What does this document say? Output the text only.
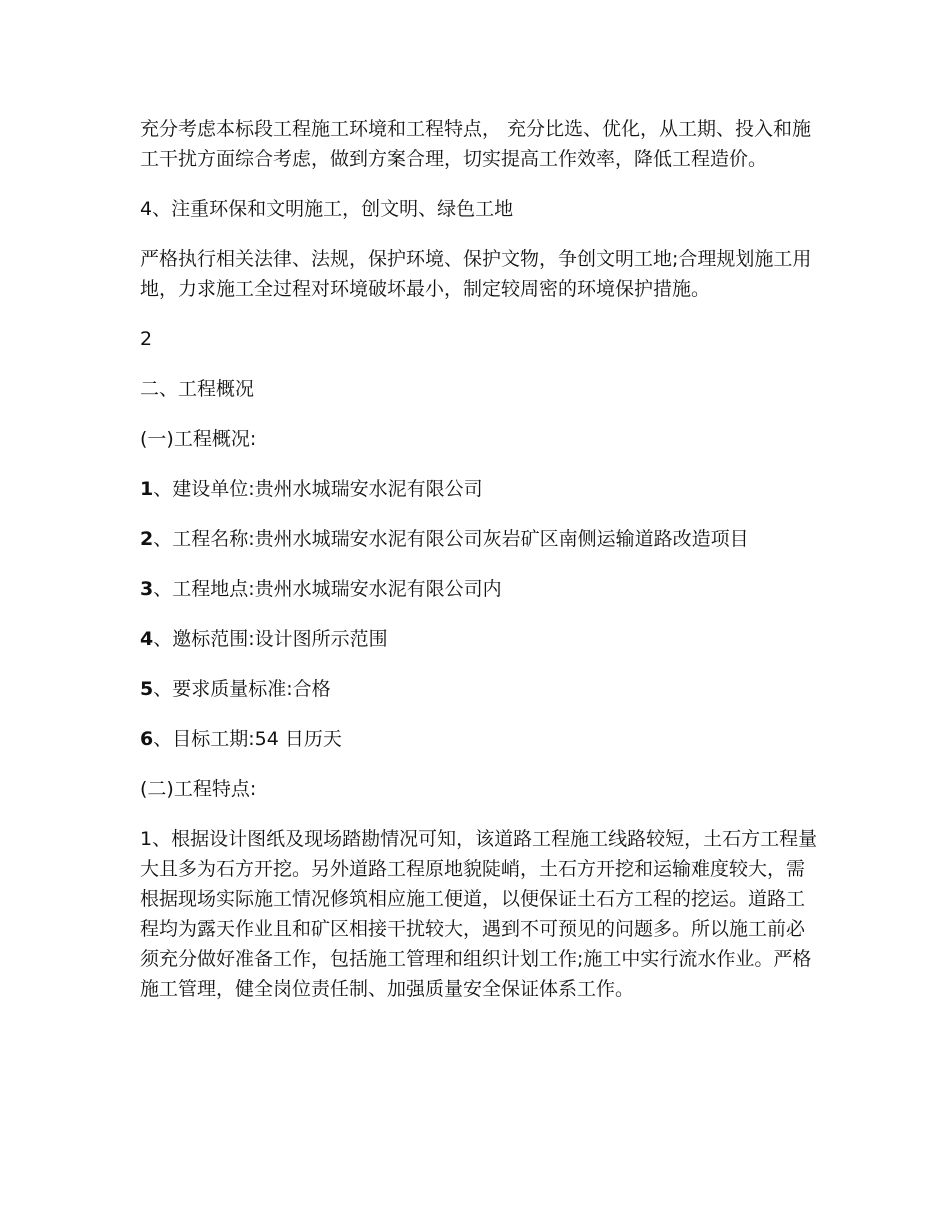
充分考虑本标段工程施工环境和工程特点， 充分比选、优化，从工期、投入和施工干扰方面综合考虑，做到方案合理，切实提高工作效率，降低工程造价。

4、注重环保和文明施工，创文明、绿色工地

严格执行相关法律、法规，保护环境、保护文物，争创文明工地;合理规划施工用地，力求施工全过程对环境破坏最小，制定较周密的环境保护措施。

2

二、工程概况

(一)工程概况:

1、建设单位:贵州水城瑞安水泥有限公司

2、工程名称:贵州水城瑞安水泥有限公司灰岩矿区南侧运输道路改造项目

3、工程地点:贵州水城瑞安水泥有限公司内

4、邀标范围:设计图所示范围

5、要求质量标准:合格

6、目标工期:54 日历天

(二)工程特点:

1、根据设计图纸及现场踏勘情况可知，该道路工程施工线路较短，土石方工程量大且多为石方开挖。另外道路工程原地貌陡峭，土石方开挖和运输难度较大，需根据现场实际施工情况修筑相应施工便道，以便保证土石方工程的挖运。道路工程均为露天作业且和矿区相接干扰较大，遇到不可预见的问题多。所以施工前必须充分做好准备工作，包括施工管理和组织计划工作;施工中实行流水作业。严格施工管理，健全岗位责任制、加强质量安全保证体系工作。
